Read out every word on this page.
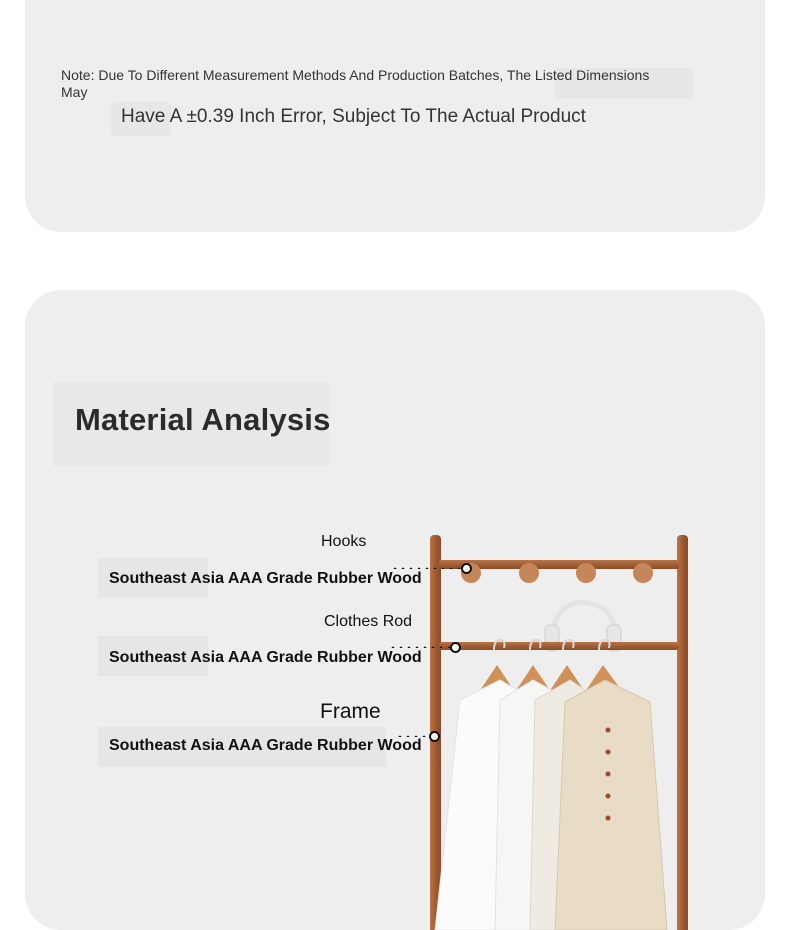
Note: Due To Different Measurement Methods And Production Batches, The Listed Dimensions May
Have A ±0.39 Inch Error, Subject To The Actual Product
Material Analysis
Hooks
Southeast Asia AAA Grade Rubber Wood
Clothes Rod
Southeast Asia AAA Grade Rubber Wood
Frame
Southeast Asia AAA Grade Rubber Wood
